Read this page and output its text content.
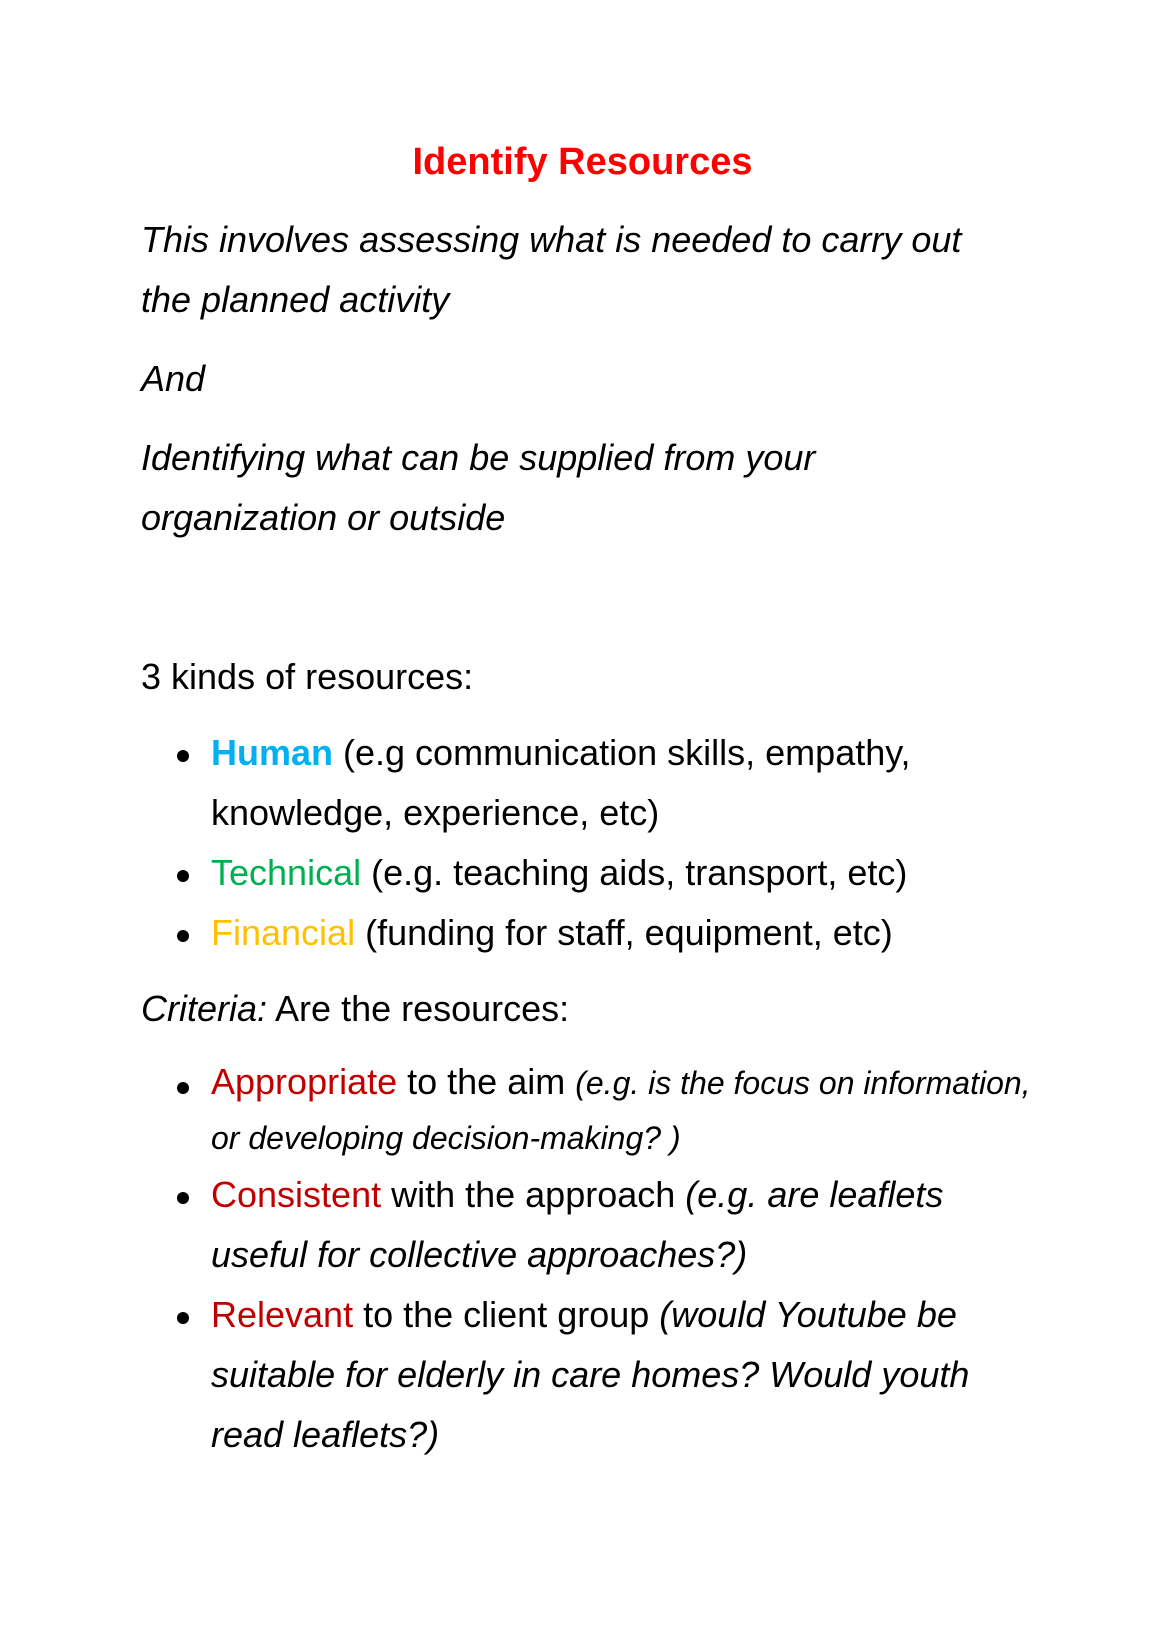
Identify Resources

This involves assessing what is needed to carry out the planned activity

And

Identifying what can be supplied from your organization or outside

3 kinds of resources:

Human (e.g communication skills, empathy, knowledge, experience, etc)
Technical (e.g. teaching aids, transport, etc)
Financial (funding for staff, equipment, etc)

Criteria: Are the resources:

Appropriate to the aim (e.g. is the focus on information, or developing decision-making? )
Consistent with the approach (e.g. are leaflets useful for collective approaches?)
Relevant to the client group (would Youtube be suitable for elderly in care homes? Would youth read leaflets?)
